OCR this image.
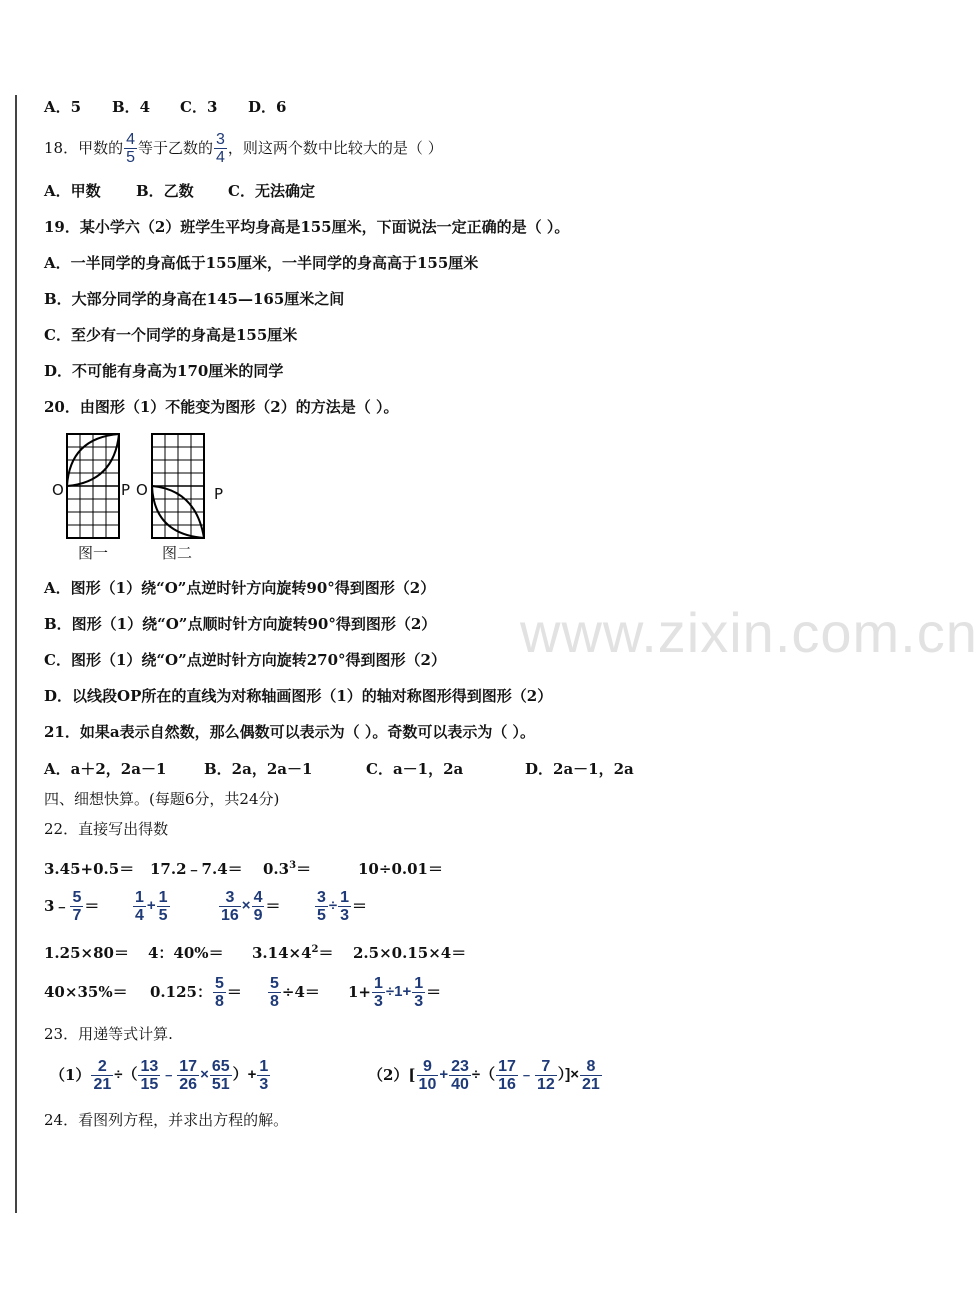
A．5 B．4 C．3 D．6
18．甲数的 $\frac{4}{5}$ 等于乙数的 $\frac{3}{4}$ ，则这两个数中比较大的是（ ）
A．甲数 B．乙数 C．无法确定
19．某小学六（2）班学生平均身高是155厘米，下面说法一定正确的是（ ）。
A．一半同学的身高低于155厘米，一半同学的身高高于155厘米
B．大部分同学的身高在145—165厘米之间
C．至少有一个同学的身高是155厘米
D．不可能有身高为170厘米的同学
20．由图形（1）不能变为图形（2）的方法是（ ）。
O	P O	P
图一	图二
A．图形（1）绕“O”点逆时针方向旋转90°得到图形（2）
B．图形（1）绕“O”点顺时针方向旋转90°得到图形（2）
C．图形（1）绕“O”点逆时针方向旋转270°得到图形（2）
D．以线段OP所在的直线为对称轴画图形（1）的轴对称图形得到图形（2）
21．如果a表示自然数，那么偶数可以表示为（ ）。奇数可以表示为（ ）。
A．a＋2，2a－1	B．2a，2a－1	C．a－1，2a	D．2a－1，2a
四、细想快算。(每题6分，共24分)
22．直接写出得数
3.45+0.5＝ 17.2﹣7.4＝ $0.3^3=$	10÷0.01＝
3﹣ $\frac{5}{7} = \frac{1}{4} + \frac{1}{5}$	$\frac{3}{16} \times \frac{4}{9} = \frac{3}{5} \div \frac{1}{3}$ ＝
1.25×80＝ 4：$40\%= 3.14\times 4^2= 2.5\times 0.15\times 4=$
40×35%＝	0.125： $\frac{5}{8} = \frac{5}{8} \div 4= 1+ \frac{1}{3} \div 1+ \frac{1}{3}$ ＝
23．用递等式计算.
$(1) \frac{2}{21}$ ÷（ $\frac{13}{15}$ ﹣ $\frac{17}{26} \times \frac{65}{51}$ ）+ $\frac{1}{3}$	$(2)[ \frac{9}{10} + \frac{23}{40}$ ÷（ $\frac{17}{16}$ ﹣ $\frac{7}{12}$ ）]× $\frac{8}{21}$
24．看图列方程，并求出方程的解。
www.zixin.com.cn
